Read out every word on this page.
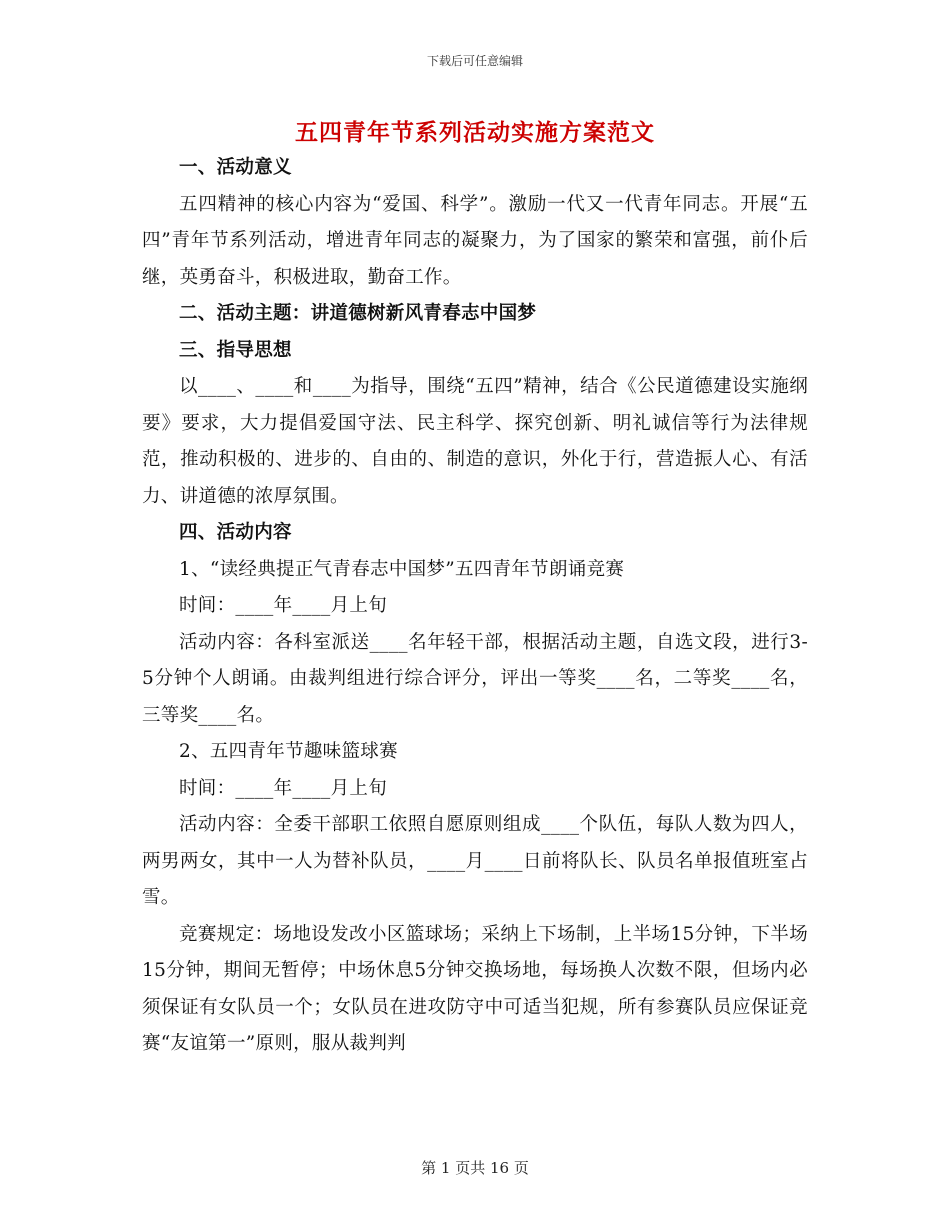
下载后可任意编辑
五四青年节系列活动实施方案范文
一、活动意义

五四精神的核心内容为“爱国、科学”。激励一代又一代青年同志。开展“五四”青年节系列活动，增进青年同志的凝聚力，为了国家的繁荣和富强，前仆后继，英勇奋斗，积极进取，勤奋工作。

二、活动主题：讲道德树新风青春志中国梦
三、指导思想

以____、____和____为指导，围绕“五四”精神，结合《公民道德建设实施纲要》要求，大力提倡爱国守法、民主科学、探究创新、明礼诚信等行为法律规范，推动积极的、进步的、自由的、制造的意识，外化于行，营造振人心、有活力、讲道德的浓厚氛围。

四、活动内容

1、“读经典提正气青春志中国梦”五四青年节朗诵竞赛

时间：____年____月上旬

活动内容：各科室派送____名年轻干部，根据活动主题，自选文段，进行3-5分钟个人朗诵。由裁判组进行综合评分，评出一等奖____名，二等奖____名，三等奖____名。

2、五四青年节趣味篮球赛

时间：____年____月上旬

活动内容：全委干部职工依照自愿原则组成____个队伍，每队人数为四人，两男两女，其中一人为替补队员，____月____日前将队长、队员名单报值班室占雪。

竞赛规定：场地设发改小区篮球场；采纳上下场制，上半场15分钟，下半场15分钟，期间无暂停；中场休息5分钟交换场地，每场换人次数不限，但场内必须保证有女队员一个；女队员在进攻防守中可适当犯规，所有参赛队员应保证竞赛“友谊第一”原则，服从裁判判

第 1 页共 16 页
